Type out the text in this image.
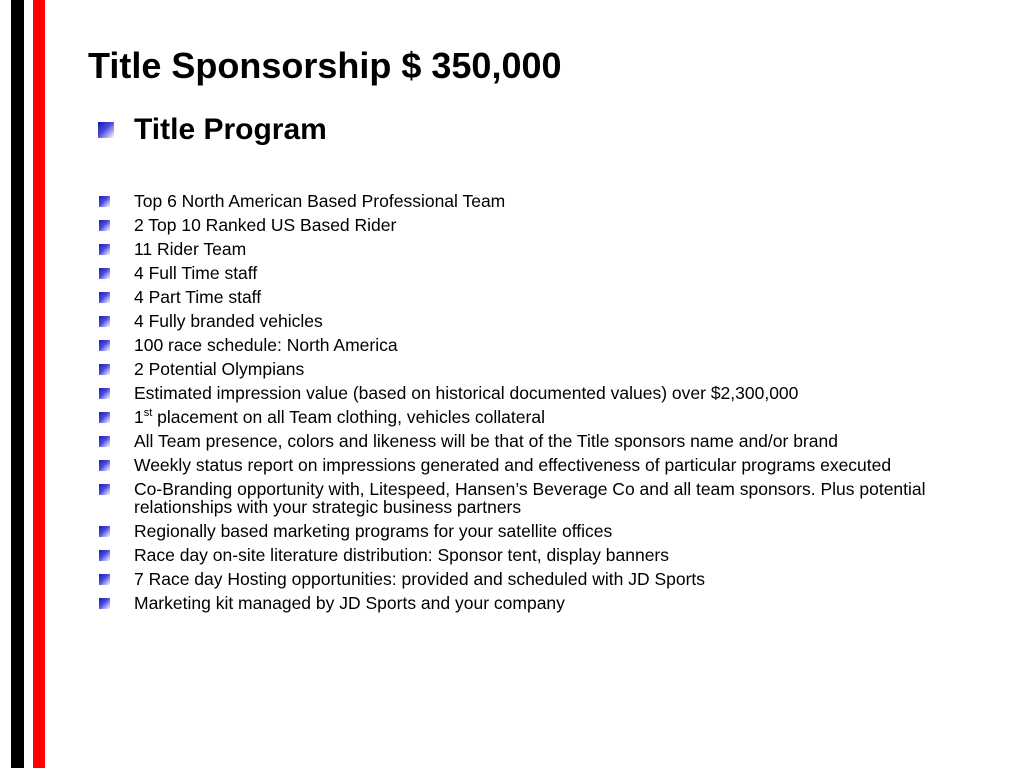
Title Sponsorship $ 350,000
Title Program
Top 6 North American Based Professional Team
2 Top 10 Ranked US Based Rider
11 Rider Team
4 Full Time staff
4 Part Time staff
4 Fully branded vehicles
100 race schedule: North America
2 Potential Olympians
Estimated impression value (based on historical documented values) over $2,300,000
1st placement on all Team clothing, vehicles collateral
All Team presence, colors and likeness will be that of the Title sponsors name and/or brand
Weekly status report on impressions generated and effectiveness of particular programs executed
Co-Branding opportunity with, Litespeed, Hansen’s Beverage Co and all team sponsors. Plus potential relationships with your strategic business partners
Regionally based marketing programs for your satellite offices
Race day on-site literature distribution: Sponsor tent, display banners
7 Race day Hosting opportunities: provided and scheduled with JD Sports
Marketing kit managed by JD Sports and your company
